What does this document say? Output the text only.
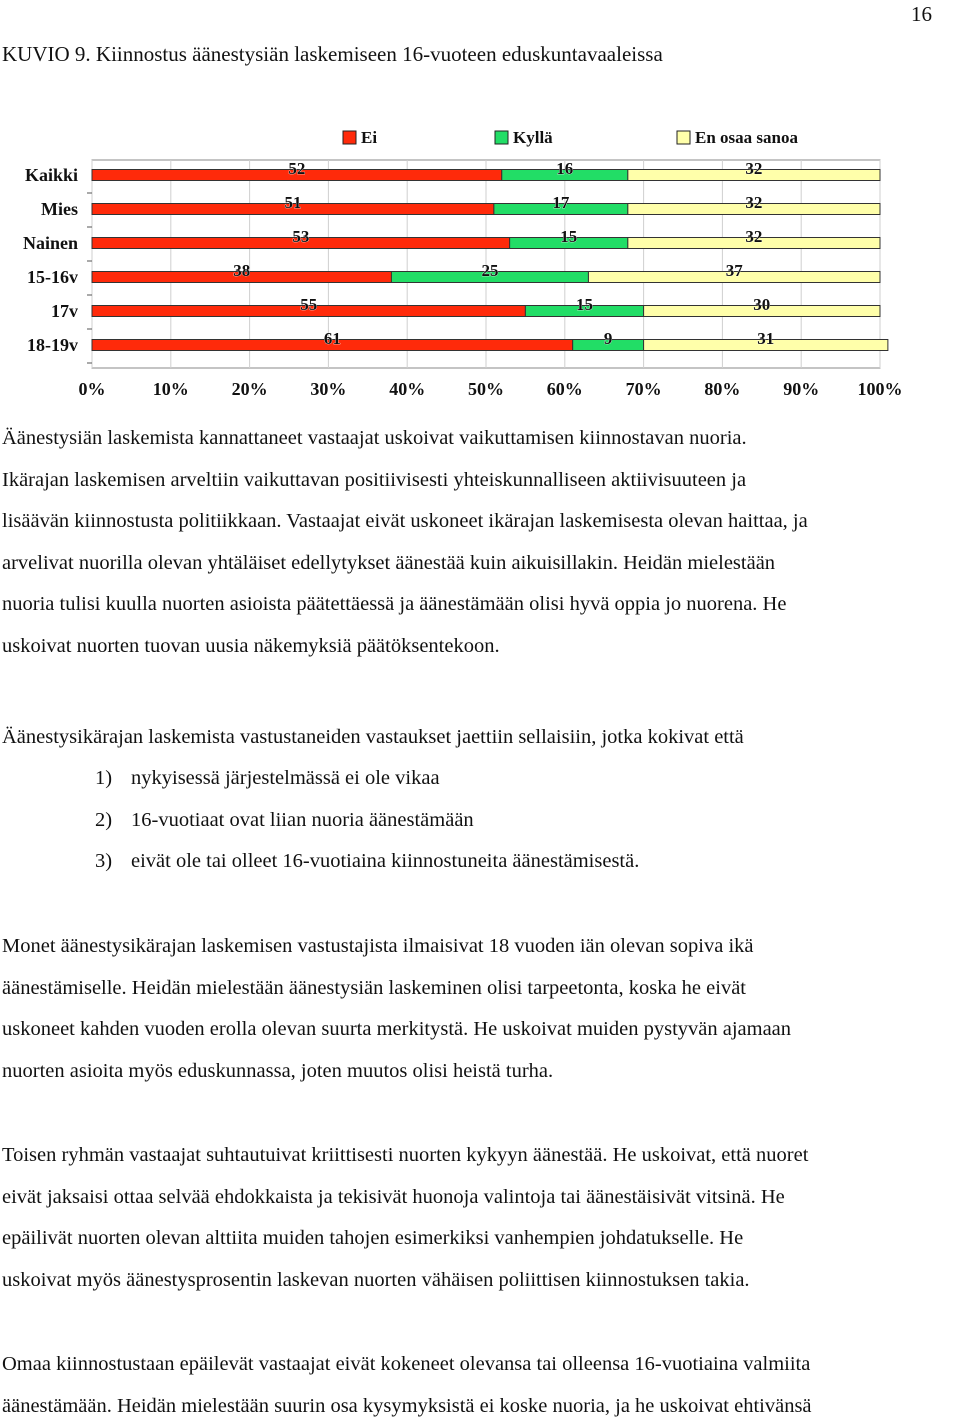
16
KUVIO 9. Kiinnostus äänestysiän laskemiseen 16-vuoteen eduskuntavaaleissa
Ei	Kyllä	En osaa sanoa
Kaikki	52	16	32
Mies	51	17	32
Nainen	53	15	32
15-16v	38	25	37
17v	55	15	30
18-19v	61	9	31
0%	10% 20% 30% 40% 50% 60% 70% 80% 90% 100%

Äänestysiän laskemista kannattaneet vastaajat uskoivat vaikuttamisen kiinnostavan nuoria.
Ikärajan laskemisen arveltiin vaikuttavan positiivisesti yhteiskunnalliseen aktiivisuuteen ja
lisäävän kiinnostusta politiikkaan. Vastaajat eivät uskoneet ikärajan laskemisesta olevan haittaa, ja
arvelivat nuorilla olevan yhtäläiset edellytykset äänestää kuin aikuisillakin. Heidän mielestään
nuoria tulisi kuulla nuorten asioista päätettäessä ja äänestämään olisi hyvä oppia jo nuorena. He
uskoivat nuorten tuovan uusia näkemyksiä päätöksentekoon.

Äänestysikärajan laskemista vastustaneiden vastaukset jaettiin sellaisiin, jotka kokivat että

1) nykyisessä järjestelmässä ei ole vikaa
2) 16-vuotiaat ovat liian nuoria äänestämään
3) eivät ole tai olleet 16-vuotiaina kiinnostuneita äänestämisestä.

Monet äänestysikärajan laskemisen vastustajista ilmaisivat 18 vuoden iän olevan sopiva ikä
äänestämiselle. Heidän mielestään äänestysiän laskeminen olisi tarpeetonta, koska he eivät
uskoneet kahden vuoden erolla olevan suurta merkitystä. He uskoivat muiden pystyvän ajamaan
nuorten asioita myös eduskunnassa, joten muutos olisi heistä turha.

Toisen ryhmän vastaajat suhtautuivat kriittisesti nuorten kykyyn äänestää. He uskoivat, että nuoret
eivät jaksaisi ottaa selvää ehdokkaista ja tekisivät huonoja valintoja tai äänestäisivät vitsinä. He
epäilivät nuorten olevan alttiita muiden tahojen esimerkiksi vanhempien johdatukselle. He
uskoivat myös äänestysprosentin laskevan nuorten vähäisen poliittisen kiinnostuksen takia.

Omaa kiinnostustaan epäilevät vastaajat eivät kokeneet olevansa tai olleensa 16-vuotiaina valmiita
äänestämään. Heidän mielestään suurin osa kysymyksistä ei koske nuoria, ja he uskoivat ehtivänsä
